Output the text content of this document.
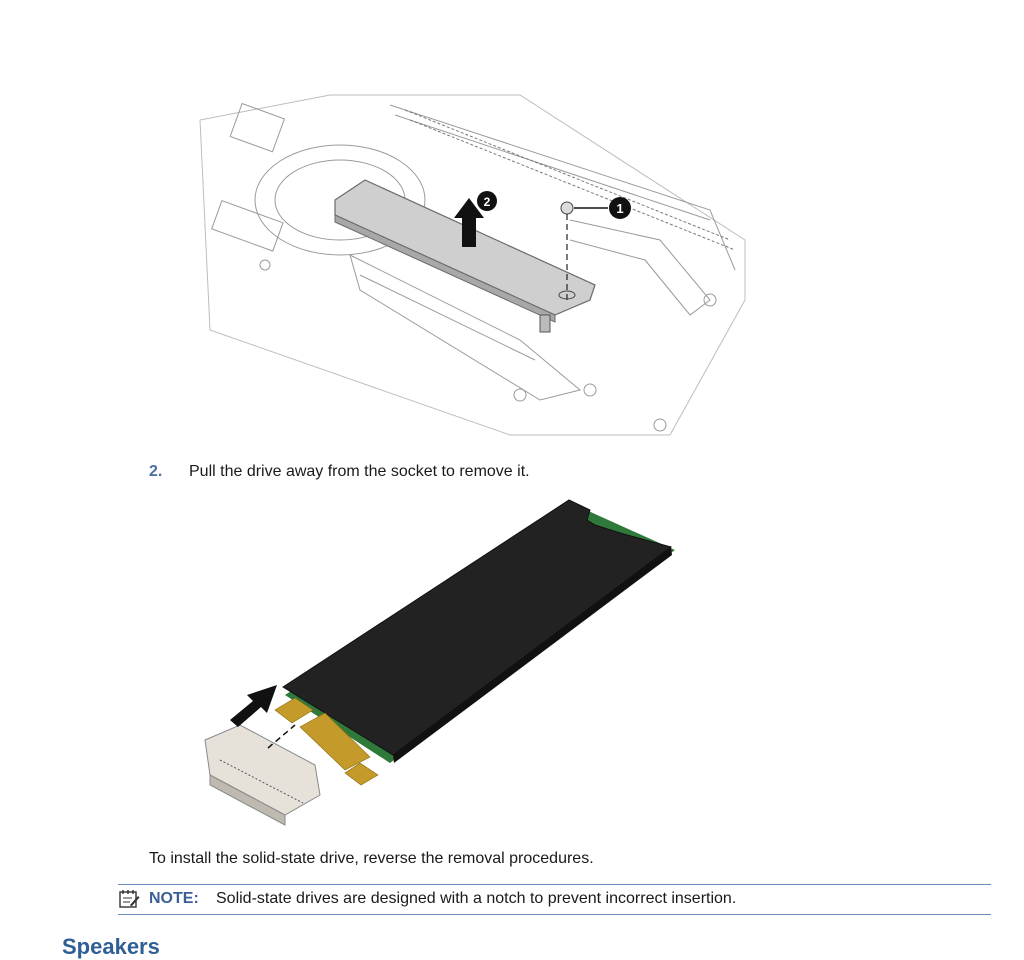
1
2
2. Pull the drive away from the socket to remove it.
To install the solid-state drive, reverse the removal procedures.
NOTE: Solid-state drives are designed with a notch to prevent incorrect insertion.
Speakers
